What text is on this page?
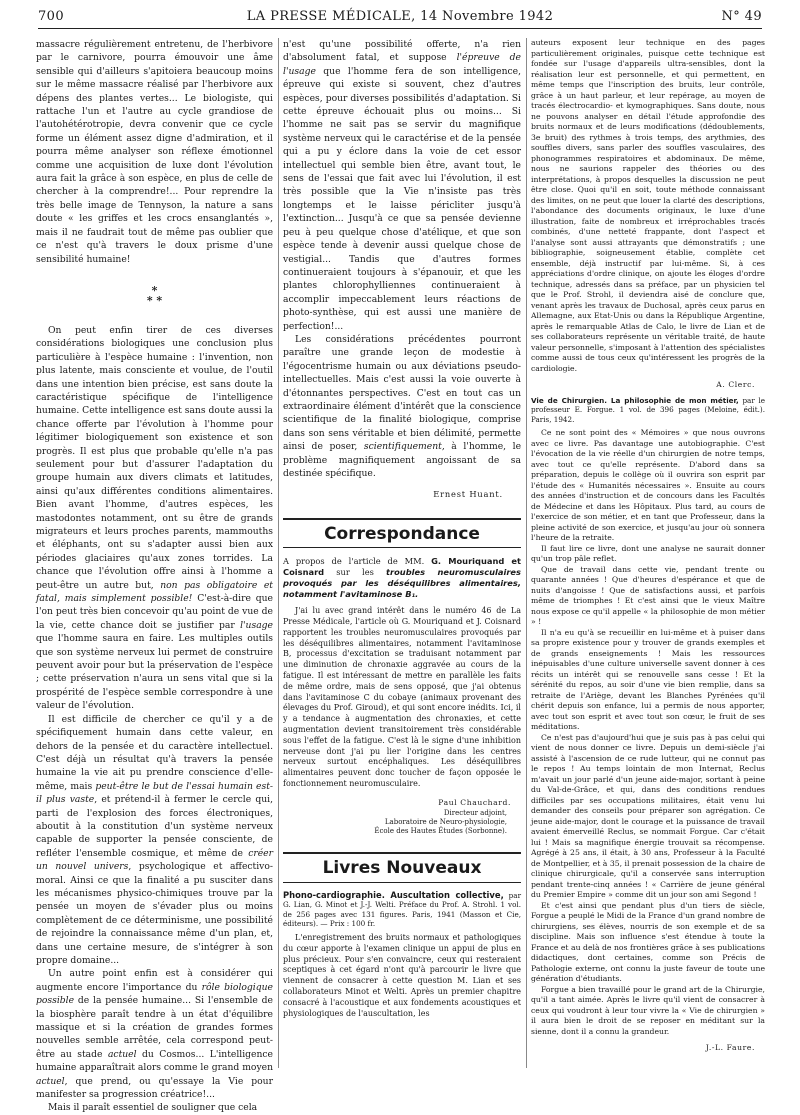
700	LA PRESSE MÉDICALE, 14 Novembre 1942	N° 49

massacre régulièrement entretenu, de l'herbivore par le carnivore, pourra émouvoir une âme sensible qui d'ailleurs s'apitoiera beaucoup moins sur le même massacre réalisé par l'herbivore aux dépens des plantes vertes... Le biologiste, qui rattache l'un et l'autre au cycle grandiose de l'autohétérotropie, devra convenir que ce cycle forme un élément assez digne d'admiration, et il pourra même analyser son réflexe émotionnel comme une acquisition de luxe dont l'évolution aura fait la grâce à son espèce, en plus de celle de chercher à la comprendre!... Pour reprendre la très belle image de Tennyson, la nature a sans doute « les griffes et les crocs ensanglantés », mais il ne faudrait tout de même pas oublier que ce n'est qu'à travers le doux prisme d'une sensibilité humaine!

*
* *

On peut enfin tirer de ces diverses considérations biologiques une conclusion plus particulière à l'espèce humaine : l'invention, non plus latente, mais consciente et voulue, de l'outil dans une intention bien précise, est sans doute la caractéristique spécifique de l'intelligence humaine. Cette intelligence est sans doute aussi la chance offerte par l'évolution à l'homme pour légitimer biologiquement son existence et son progrès. Il est plus que probable qu'elle n'a pas seulement pour but d'assurer l'adaptation du groupe humain aux divers climats et latitudes, ainsi qu'aux différentes conditions alimentaires. Bien avant l'homme, d'autres espèces, les mastodontes notamment, ont su être de grands migrateurs et leurs proches parents, mammouths et éléphants, ont su s'adapter aussi bien aux périodes glaciaires qu'aux zones torrides. La chance que l'évolution offre ainsi à l'homme a peut-être un autre but, non pas obligatoire et fatal, mais simplement possible! C'est-à-dire que l'on peut très bien concevoir qu'au point de vue de la vie, cette chance doit se justifier par l'usage que l'homme saura en faire. Les multiples outils que son système nerveux lui permet de construire peuvent avoir pour but la préservation de l'espèce ; cette préservation n'aura un sens vital que si la prospérité de l'espèce semble correspondre à une valeur de l'évolution.

Il est difficile de chercher ce qu'il y a de spécifiquement humain dans cette valeur, en dehors de la pensée et du caractère intellectuel. C'est déjà un résultat qu'à travers la pensée humaine la vie ait pu prendre conscience d'elle-même, mais peut-être le but de l'essai humain est-il plus vaste, et prétend-il à fermer le cercle qui, parti de l'explosion des forces électroniques, aboutit à la constitution d'un système nerveux capable de supporter la pensée consciente, de refléter l'ensemble cosmique, et même de créer un nouvel univers, psychologique et affectivo-moral. Ainsi ce que la finalité a pu susciter dans les mécanismes physico-chimiques trouve par la pensée un moyen de s'évader plus ou moins complètement de ce déterminisme, une possibilité de rejoindre la connaissance même d'un plan, et, dans une certaine mesure, de s'intégrer à son propre domaine...

Un autre point enfin est à considérer qui augmente encore l'importance du rôle biologique possible de la pensée humaine... Si l'ensemble de la biosphère paraît tendre à un état d'équilibre massique et si la création de grandes formes nouvelles semble arrêtée, cela correspond peut-être au stade actuel du Cosmos... L'intelligence humaine apparaîtrait alors comme le grand moyen actuel, que prend, ou qu'essaye la Vie pour manifester sa progression créatrice!...

Mais il paraît essentiel de souligner que cela

n'est qu'une possibilité offerte, n'a rien d'absolument fatal, et suppose l'épreuve de l'usage que l'homme fera de son intelligence, épreuve qui existe si souvent, chez d'autres espèces, pour diverses possibilités d'adaptation. Si cette épreuve échouait plus ou moins... Si l'homme ne sait pas se servir du magnifique système nerveux qui le caractérise et de la pensée qui a pu y éclore dans la voie de cet essor intellectuel qui semble bien être, avant tout, le sens de l'essai que fait avec lui l'évolution, il est très possible que la Vie n'insiste pas très longtemps et le laisse péricliter jusqu'à l'extinction... Jusqu'à ce que sa pensée devienne peu à peu quelque chose d'atélique, et que son espèce tende à devenir aussi quelque chose de vestigial... Tandis que d'autres formes continueraient toujours à s'épanouir, et que les plantes chlorophylliennes continueraient à accomplir impeccablement leurs réactions de photo-synthèse, qui est aussi une manière de perfection!...

Les considérations précédentes pourront paraître une grande leçon de modestie à l'égocentrisme humain ou aux déviations pseudo-intellectuelles. Mais c'est aussi la voie ouverte à d'étonnantes perspectives. C'est en tout cas un extraordinaire élément d'intérêt que la conscience scientifique de la finalité biologique, comprise dans son sens véritable et bien délimité, permette ainsi de poser, scientifiquement, à l'homme, le problème magnifiquement angoissant de sa destinée spécifique.

Ernest Huant.
Correspondance

A propos de l'article de MM. G. Mouriquand et Coisnard sur les troubles neuromusculaires provoqués par les déséquilibres alimentaires, notamment l'avitaminose B₁.

J'ai lu avec grand intérêt dans le numéro 46 de La Presse Médicale, l'article où G. Mouriquand et J. Coisnard rapportent les troubles neuromusculaires provoqués par les déséquilibres alimentaires, notamment l'avitaminose B, processus d'excitation se traduisant notamment par une diminution de chronaxie aggravée au cours de la fatigue. Il est intéressant de mettre en parallèle les faits de même ordre, mais de sens opposé, que j'ai obtenus dans l'avitaminose C du cobaye (animaux provenant des élevages du Prof. Giroud), et qui sont encore inédits. Ici, il y a tendance à augmentation des chronaxies, et cette augmentation devient transitoirement très considérable sous l'effet de la fatigue. C'est là le signe d'une inhibition nerveuse dont j'ai pu lier l'origine dans les centres nerveux surtout encéphaliques. Les déséquilibres alimentaires peuvent donc toucher de façon opposée le fonctionnement neuromusculaire.

Paul Chauchard.
Directeur adjoint,
Laboratoire de Neuro-physiologie,
École des Hautes Études (Sorbonne).
Livres Nouveaux

Phono-cardiographie. Auscultation collective, par G. Lian, G. Minot et J.-J. Welti. Préface du Prof. A. Strohl. 1 vol. de 256 pages avec 131 figures. Paris, 1941 (Masson et Cie, éditeurs). — Prix : 100 fr.

L'enregistrement des bruits normaux et pathologiques du cœur apporte à l'examen clinique un appui de plus en plus précieux. Pour s'en convaincre, ceux qui resteraient sceptiques à cet égard n'ont qu'à parcourir le livre que viennent de consacrer à cette question M. Lian et ses collaborateurs Minot et Welti. Après un premier chapitre consacré à l'acoustique et aux fondements acoustiques et physiologiques de l'auscultation, les

auteurs exposent leur technique en des pages particulièrement originales, puisque cette technique est fondée sur l'usage d'appareils ultra-sensibles, dont la réalisation leur est personnelle, et qui permettent, en même temps que l'inscription des bruits, leur contrôle, grâce à un haut parleur, et leur repérage, au moyen de tracés électrocardio- et kymographiques. Sans doute, nous ne pouvons analyser en détail l'étude approfondie des bruits normaux et de leurs modifications (dédoublements, 3e bruit) des rythmes à trois temps, des arythmies, des souffles divers, sans parler des souffles vasculaires, des phonogrammes respiratoires et abdominaux. De même, nous ne saurions rappeler des théories ou des interprétations, à propos desquelles la discussion ne peut être close. Quoi qu'il en soit, toute méthode connaissant des limites, on ne peut que louer la clarté des descriptions, l'abondance des documents originaux, le luxe d'une illustration, faite de nombreux et irréprochables tracés combinés, d'une netteté frappante, dont l'aspect et l'analyse sont aussi attrayants que démonstratifs ; une bibliographie, soigneusement établie, complète cet ensemble, déjà instructif par lui-même. Si, à ces appréciations d'ordre clinique, on ajoute les éloges d'ordre technique, adressés dans sa préface, par un physicien tel que le Prof. Strohl, il deviendra aisé de conclure que, venant après les travaux de Duchosal, après ceux parus en Allemagne, aux Etat-Unis ou dans la République Argentine, après le remarquable Atlas de Calo, le livre de Lian et de ses collaborateurs représente un véritable traité, de haute valeur personnelle, s'imposant à l'attention des spécialistes comme aussi de tous ceux qu'intéressent les progrès de la cardiologie.

A. Clerc.

Vie de Chirurgien. La philosophie de mon métier, par le professeur E. Forgue. 1 vol. de 396 pages (Meloine, édit.). Paris, 1942.

Ce ne sont point des « Mémoires » que nous ouvrons avec ce livre. Pas davantage une autobiographie. C'est l'évocation de la vie réelle d'un chirurgien de notre temps, avec tout ce qu'elle représente. D'abord dans sa préparation, depuis le collège où il ouvrira son esprit par l'étude des « Humanités nécessaires ». Ensuite au cours des années d'instruction et de concours dans les Facultés de Médecine et dans les Hôpitaux. Plus tard, au cours de l'exercice de son métier, et en tant que Professeur, dans la pleine activité de son exercice, et jusqu'au jour où sonnera l'heure de la retraite.

Il faut lire ce livre, dont une analyse ne saurait donner qu'un trop pâle reflet.

Que de travail dans cette vie, pendant trente ou quarante années ! Que d'heures d'espérance et que de nuits d'angoisse ! Que de satisfactions aussi, et parfois même de triomphes ! Et c'est ainsi que le vieux Maître nous expose ce qu'il appelle « la philosophie de mon métier » !

Il n'a eu qu'à se recueillir en lui-même et à puiser dans sa propre existence pour y trouver de grands exemples et de grands enseignements ! Mais les ressources inépuisables d'une culture universelle savent donner à ces récits un intérêt qui se renouvelle sans cesse ! Et la sérénité du repos, au soir d'une vie bien remplie, dans sa retraite de l'Ariège, devant les Blanches Pyrénées qu'il chérit depuis son enfance, lui a permis de nous apporter, avec tout son esprit et avec tout son cœur, le fruit de ses méditations.

Ce n'est pas d'aujourd'hui que je suis pas à pas celui qui vient de nous donner ce livre. Depuis un demi-siècle j'ai assisté à l'ascension de ce rude lutteur, qui ne connut pas le repos ! Au temps lointain de mon Internat, Reclus m'avait un jour parlé d'un jeune aide-major, sortant à peine du Val-de-Grâce, et qui, dans des conditions rendues difficiles par ses occupations militaires, était venu lui demander des conseils pour préparer son agrégation. Ce jeune aide-major, dont le courage et la puissance de travail avaient émerveillé Reclus, se nommait Forgue. Car c'était lui ! Mais sa magnifique énergie trouvait sa récompense. Agrégé à 25 ans, il était, à 30 ans, Professeur à la Faculté de Montpellier, et à 35, il prenait possession de la chaire de clinique chirurgicale, qu'il a conservée sans interruption pendant trente-cinq années ! « Carrière de jeune général du Premier Empire » comme dit un jour son ami Segond !

Et c'est ainsi que pendant plus d'un tiers de siècle, Forgue a peuplé le Midi de la France d'un grand nombre de chirurgiens, ses élèves, nourris de son exemple et de sa discipline. Mais son influence s'est étendue à toute la France et au delà de nos frontières grâce à ses publications didactiques, dont certaines, comme son Précis de Pathologie externe, ont connu la juste faveur de toute une génération d'étudiants.

Forgue a bien travaillé pour le grand art de la Chirurgie, qu'il a tant aimée. Après le livre qu'il vient de consacrer à ceux qui voudront à leur tour vivre la « Vie de chirurgien » il aura bien le droit de se reposer en méditant sur la sienne, dont il a connu la grandeur.

J.-L. Faure.
